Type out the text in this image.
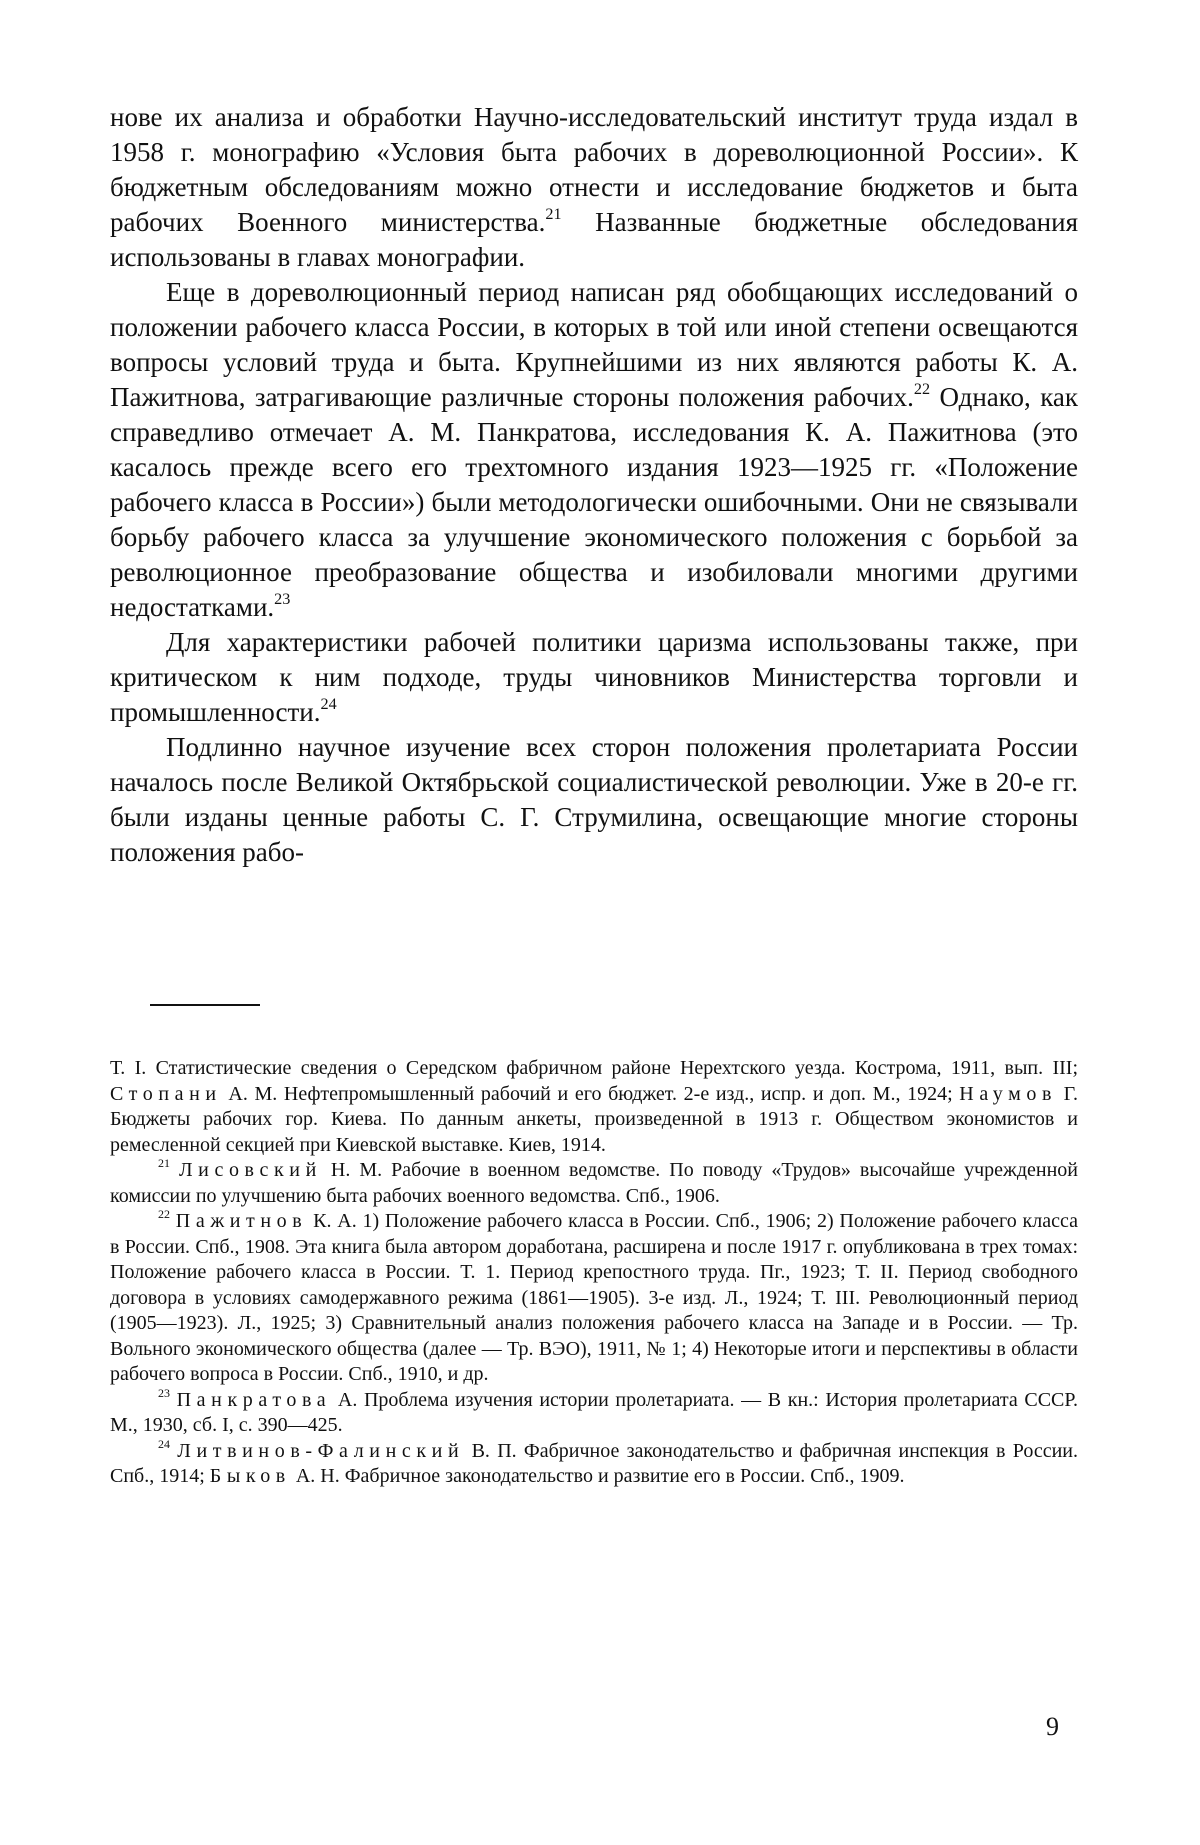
нове их анализа и обработки Научно-исследовательский институт труда издал в 1958 г. монографию «Условия быта рабочих в дореволюционной России». К бюджетным обследованиям можно отнести и исследование бюджетов и быта рабочих Военного министерства.$^{21}$ Названные бюджетные обследования использованы в главах монографии.

Еще в дореволюционный период написан ряд обобщающих исследований о положении рабочего класса России, в которых в той или иной степени освещаются вопросы условий труда и быта. Крупнейшими из них являются работы К. А. Пажитнова, затрагивающие различные стороны положения рабочих.$^{22}$ Однако, как справедливо отмечает А. М. Панкратова, исследования К. А. Пажитнова (это касалось прежде всего его трехтомного издания 1923—1925 гг. «Положение рабочего класса в России») были методологически ошибочными. Они не связывали борьбу рабочего класса за улучшение экономического положения с борьбой за революционное преобразование общества и изобиловали многими другими недостатками.$^{23}$

Для характеристики рабочей политики царизма использованы также, при критическом к ним подходе, труды чиновников Министерства торговли и промышленности.$^{24}$

Подлинно научное изучение всех сторон положения пролетариата России началось после Великой Октябрьской социалистической революции. Уже в 20-е гг. были изданы ценные работы С. Г. Струмилина, освещающие многие стороны положения рабо-

Т. I. Статистические сведения о Середском фабричном районе Нерехтского уезда. Кострома, 1911, вып. III; Стопани А. М. Нефтепромышленный рабочий и его бюджет. 2-е изд., испр. и доп. М., 1924; Наумов Г. Бюджеты рабочих гор. Киева. По данным анкеты, произведенной в 1913 г. Обществом экономистов и ремесленной секцией при Киевской выставке. Киев, 1914.

$^{21}$ Лисовский Н. М. Рабочие в военном ведомстве. По поводу «Трудов» высочайше учрежденной комиссии по улучшению быта рабочих военного ведомства. Спб., 1906.

$^{22}$ Пажитнов К. А. 1) Положение рабочего класса в России. Спб., 1906; 2) Положение рабочего класса в России. Спб., 1908. Эта книга была автором доработана, расширена и после 1917 г. опубликована в трех томах: Положение рабочего класса в России. Т. 1. Период крепостного труда. Пг., 1923; Т. II. Период свободного договора в условиях самодержавного режима (1861—1905). 3-е изд. Л., 1924; Т. III. Революционный период (1905—1923). Л., 1925; 3) Сравнительный анализ положения рабочего класса на Западе и в России. — Тр. Вольного экономического общества (далее — Тр. ВЭО), 1911, № 1; 4) Некоторые итоги и перспективы в области рабочего вопроса в России. Спб., 1910, и др.

$^{23}$ Панкратова А. Проблема изучения истории пролетариата. — В кн.: История пролетариата СССР. М., 1930, сб. I, с. 390—425.

$^{24}$ Литвинов-Фалинский В. П. Фабричное законодательство и фабричная инспекция в России. Спб., 1914; Быков А. Н. Фабричное законодательство и развитие его в России. Спб., 1909.

9
